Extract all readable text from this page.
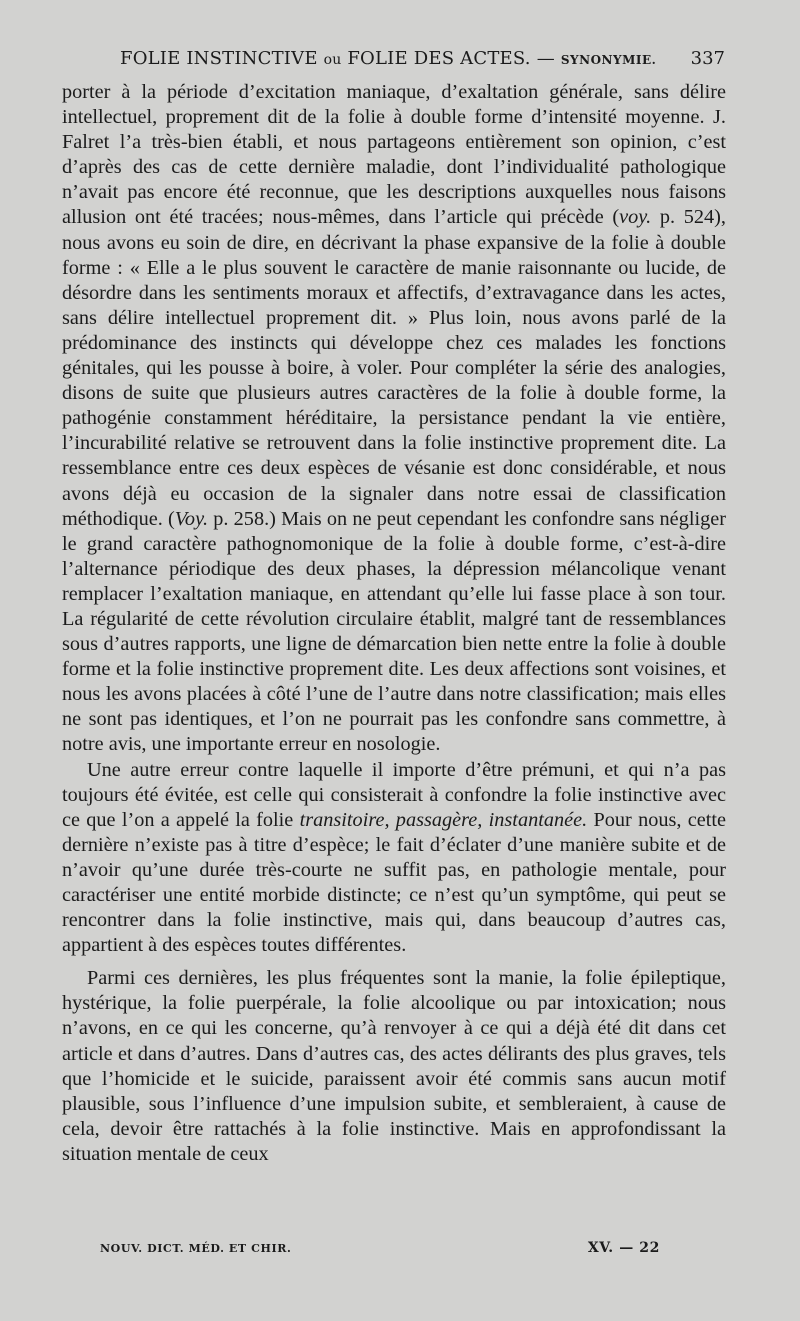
FOLIE INSTINCTIVE ou FOLIE DES ACTES. — SYNONYMIE. 337

porter à la période d’excitation maniaque, d’exaltation générale, sans délire intellectuel, proprement dit de la folie à double forme d’intensité moyenne. J. Falret l’a très-bien établi, et nous partageons entièrement son opinion, c’est d’après des cas de cette dernière maladie, dont l’individualité pathologique n’avait pas encore été reconnue, que les descriptions auxquelles nous faisons allusion ont été tracées; nous-mêmes, dans l’article qui précède (voy. p. 524), nous avons eu soin de dire, en décrivant la phase expansive de la folie à double forme : « Elle a le plus souvent le caractère de manie raisonnante ou lucide, de désordre dans les sentiments moraux et affectifs, d’extravagance dans les actes, sans délire intellectuel proprement dit. » Plus loin, nous avons parlé de la prédominance des instincts qui développe chez ces malades les fonctions génitales, qui les pousse à boire, à voler. Pour compléter la série des analogies, disons de suite que plusieurs autres caractères de la folie à double forme, la pathogénie constamment héréditaire, la persistance pendant la vie entière, l’incurabilité relative se retrouvent dans la folie instinctive proprement dite. La ressemblance entre ces deux espèces de vésanie est donc considérable, et nous avons déjà eu occasion de la signaler dans notre essai de classification méthodique. (Voy. p. 258.) Mais on ne peut cependant les confondre sans négliger le grand caractère pathognomonique de la folie à double forme, c’est-à-dire l’alternance périodique des deux phases, la dépression mélancolique venant remplacer l’exaltation maniaque, en attendant qu’elle lui fasse place à son tour. La régularité de cette révolution circulaire établit, malgré tant de ressemblances sous d’autres rapports, une ligne de démarcation bien nette entre la folie à double forme et la folie instinctive proprement dite. Les deux affections sont voisines, et nous les avons placées à côté l’une de l’autre dans notre classification; mais elles ne sont pas identiques, et l’on ne pourrait pas les confondre sans commettre, à notre avis, une importante erreur en nosologie.

Une autre erreur contre laquelle il importe d’être prémuni, et qui n’a pas toujours été évitée, est celle qui consisterait à confondre la folie instinctive avec ce que l’on a appelé la folie transitoire, passagère, instantanée. Pour nous, cette dernière n’existe pas à titre d’espèce; le fait d’éclater d’une manière subite et de n’avoir qu’une durée très-courte ne suffit pas, en pathologie mentale, pour caractériser une entité morbide distincte; ce n’est qu’un symptôme, qui peut se rencontrer dans la folie instinctive, mais qui, dans beaucoup d’autres cas, appartient à des espèces toutes différentes.

Parmi ces dernières, les plus fréquentes sont la manie, la folie épileptique, hystérique, la folie puerpérale, la folie alcoolique ou par intoxication; nous n’avons, en ce qui les concerne, qu’à renvoyer à ce qui a déjà été dit dans cet article et dans d’autres. Dans d’autres cas, des actes délirants des plus graves, tels que l’homicide et le suicide, paraissent avoir été commis sans aucun motif plausible, sous l’influence d’une impulsion subite, et sembleraient, à cause de cela, devoir être rattachés à la folie instinctive. Mais en approfondissant la situation mentale de ceux

NOUV. DICT. MÉD. ET CHIR.	XV. — 22
